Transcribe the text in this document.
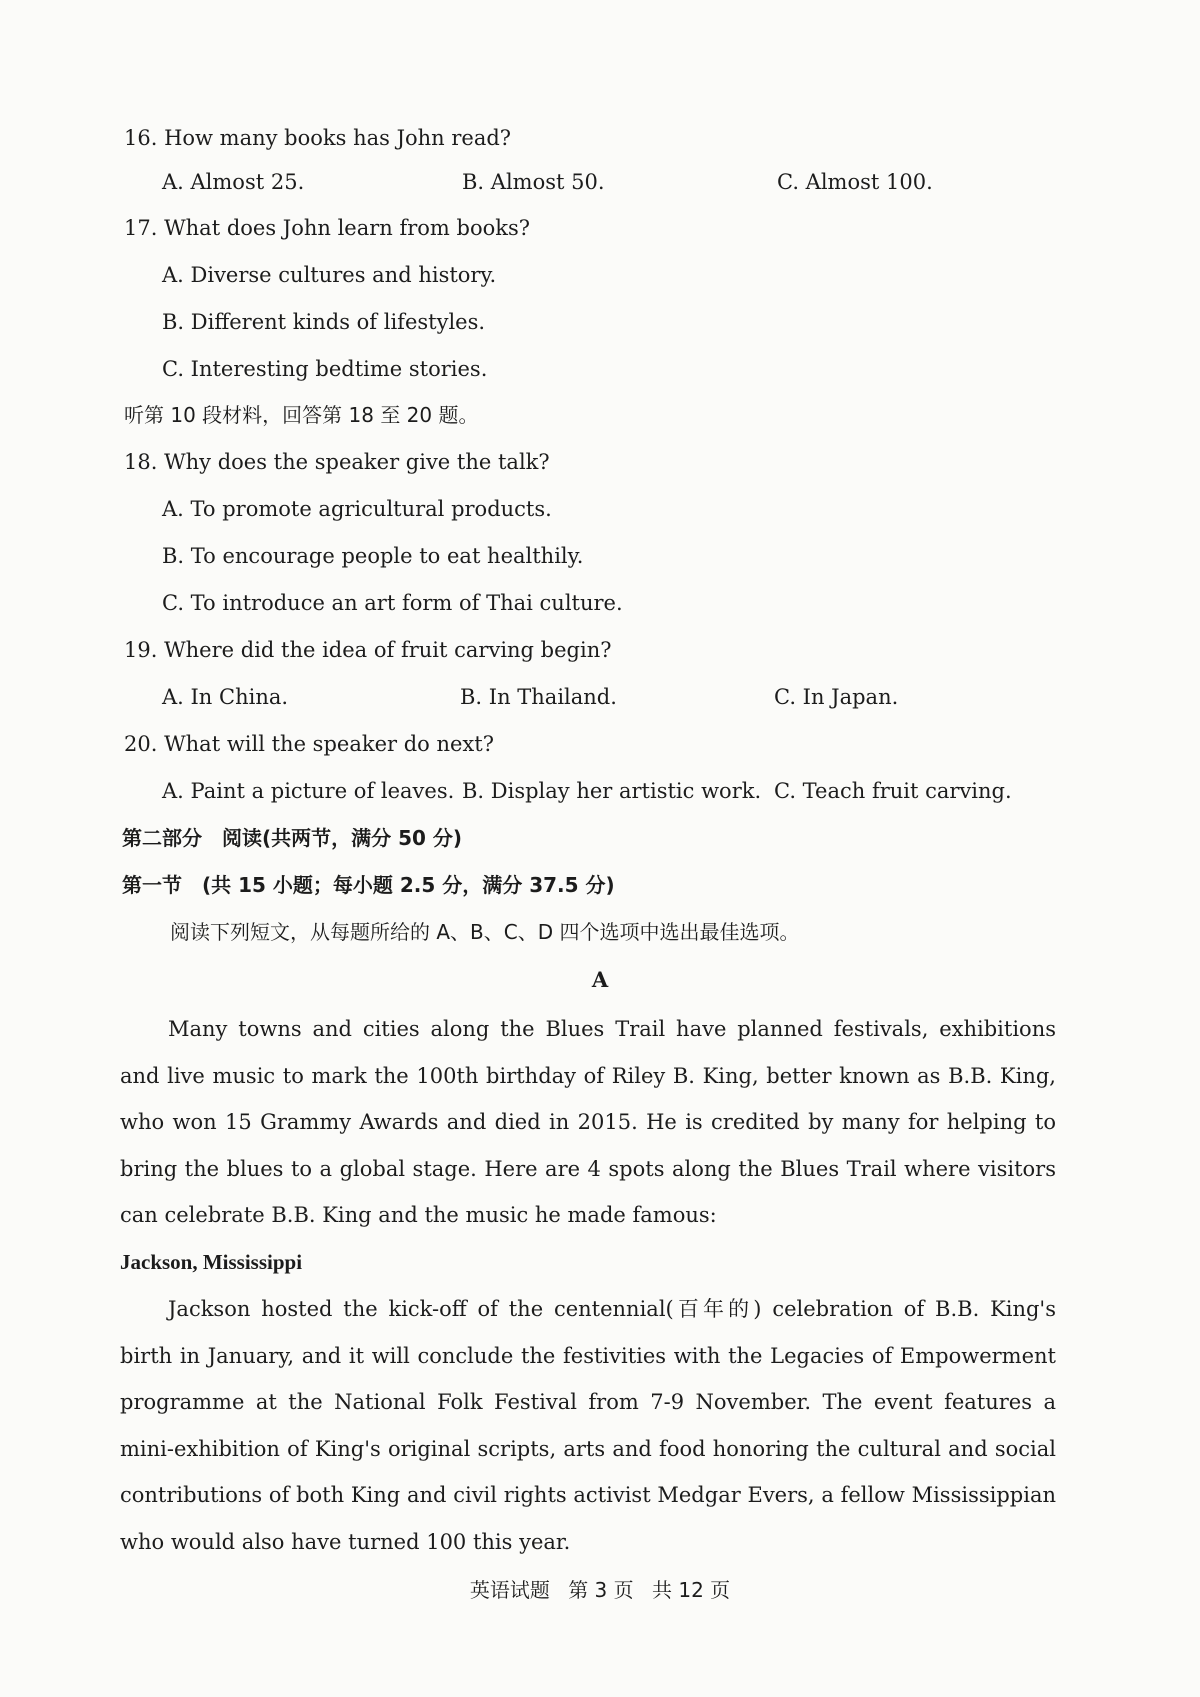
16. How many books has John read?
A. Almost 25.	B. Almost 50.	C. Almost 100.
17. What does John learn from books?
A. Diverse cultures and history.
B. Different kinds of lifestyles.
C. Interesting bedtime stories.
听第 10 段材料，回答第 18 至 20 题。
18. Why does the speaker give the talk?
A. To promote agricultural products.
B. To encourage people to eat healthily.
C. To introduce an art form of Thai culture.
19. Where did the idea of fruit carving begin?
A. In China.	B. In Thailand.	C. In Japan.
20. What will the speaker do next?
A. Paint a picture of leaves. B. Display her artistic work. C. Teach fruit carving.
第二部分　阅读(共两节，满分 50 分)
第一节　(共 15 小题；每小题 2.5 分，满分 37.5 分)
阅读下列短文，从每题所给的 A、B、C、D 四个选项中选出最佳选项。
A

Many towns and cities along the Blues Trail have planned festivals, exhibitions and live music to mark the 100th birthday of Riley B. King, better known as B.B. King, who won 15 Grammy Awards and died in 2015. He is credited by many for helping to bring the blues to a global stage. Here are 4 spots along the Blues Trail where visitors can celebrate B.B. King and the music he made famous:

Jackson, Mississippi

Jackson hosted the kick-off of the centennial(百年的) celebration of B.B. King's birth in January, and it will conclude the festivities with the Legacies of Empowerment programme at the National Folk Festival from 7-9 November. The event features a mini-exhibition of King's original scripts, arts and food honoring the cultural and social contributions of both King and civil rights activist Medgar Evers, a fellow Mississippian who would also have turned 100 this year.

英语试题 第 3 页 共 12 页
